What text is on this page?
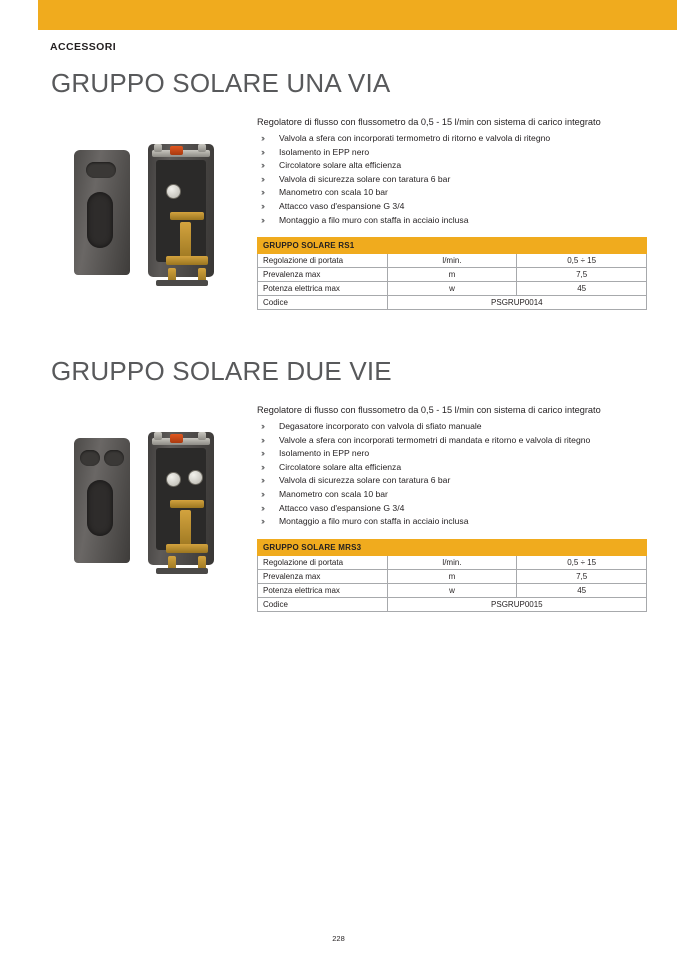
ACCESSORI
GRUPPO SOLARE UNA VIA

Regolatore di flusso con flussometro da 0,5 - 15 l/min con sistema di carico integrato

›› Valvola a sfera con incorporati termometro di ritorno e valvola di ritegno
›› Isolamento in EPP nero
›› Circolatore solare alta efficienza
›› Valvola di sicurezza solare con taratura 6 bar
›› Manometro con scala 10 bar
›› Attacco vaso d'espansione G 3/4
›› Montaggio a filo muro con staffa in acciaio inclusa
GRUPPO SOLARE RS1		
Regolazione di portata	l/min.	0,5 ÷ 15
Prevalenza max	m	7,5
Potenza elettrica max	w	45
Codice	PSGRUP0014	
GRUPPO SOLARE DUE VIE

Regolatore di flusso con flussometro da 0,5 - 15 l/min con sistema di carico integrato

›› Degasatore incorporato con valvola di sfiato manuale
›› Valvole a sfera con incorporati termometri di mandata e ritorno e valvola di ritegno
›› Isolamento in EPP nero
›› Circolatore solare alta efficienza
›› Valvola di sicurezza solare con taratura 6 bar
›› Manometro con scala 10 bar
›› Attacco vaso d'espansione G 3/4
›› Montaggio a filo muro con staffa in acciaio inclusa
GRUPPO SOLARE MRS3		
Regolazione di portata	l/min.	0,5 ÷ 15
Prevalenza max	m	7,5
Potenza elettrica max	w	45
Codice	PSGRUP0015	
228
